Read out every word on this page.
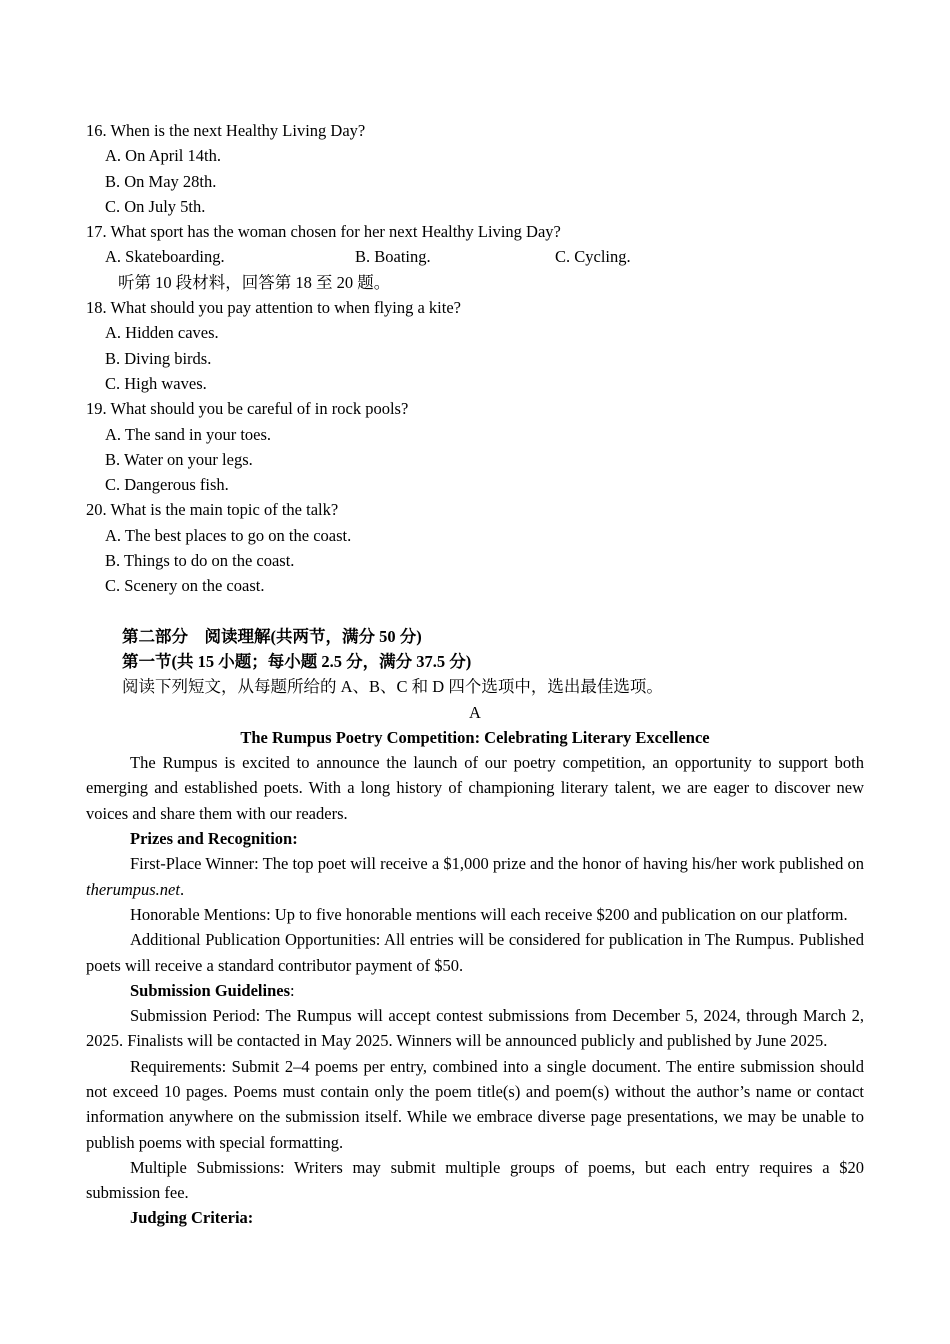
16. When is the next Healthy Living Day?
A. On April 14th.
B. On May 28th.
C. On July 5th.
17. What sport has the woman chosen for her next Healthy Living Day?
A. Skateboarding.	B. Boating.	C. Cycling.
听第 10 段材料，回答第 18 至 20 题。
18. What should you pay attention to when flying a kite?
A. Hidden caves.
B. Diving birds.
C. High waves.
19. What should you be careful of in rock pools?
A. The sand in your toes.
B. Water on your legs.
C. Dangerous fish.
20. What is the main topic of the talk?
A. The best places to go on the coast.
B. Things to do on the coast.
C. Scenery on the coast.
第二部分　阅读理解(共两节，满分 50 分)
第一节(共 15 小题；每小题 2.5 分，满分 37.5 分)
阅读下列短文，从每题所给的 A、B、C 和 D 四个选项中，选出最佳选项。
A
The Rumpus Poetry Competition: Celebrating Literary Excellence

The Rumpus is excited to announce the launch of our poetry competition, an opportunity to support both emerging and established poets. With a long history of championing literary talent, we are eager to discover new voices and share them with our readers.

Prizes and Recognition:

First-Place Winner: The top poet will receive a $1,000 prize and the honor of having his/her work published on therumpus.net.

Honorable Mentions: Up to five honorable mentions will each receive $200 and publication on our platform.

Additional Publication Opportunities: All entries will be considered for publication in The Rumpus. Published poets will receive a standard contributor payment of $50.

Submission Guidelines:

Submission Period: The Rumpus will accept contest submissions from December 5, 2024, through March 2, 2025. Finalists will be contacted in May 2025. Winners will be announced publicly and published by June 2025.

Requirements: Submit 2–4 poems per entry, combined into a single document. The entire submission should not exceed 10 pages. Poems must contain only the poem title(s) and poem(s) without the author’s name or contact information anywhere on the submission itself. While we embrace diverse page presentations, we may be unable to publish poems with special formatting.

Multiple Submissions: Writers may submit multiple groups of poems, but each entry requires a $20 submission fee.

Judging Criteria:
